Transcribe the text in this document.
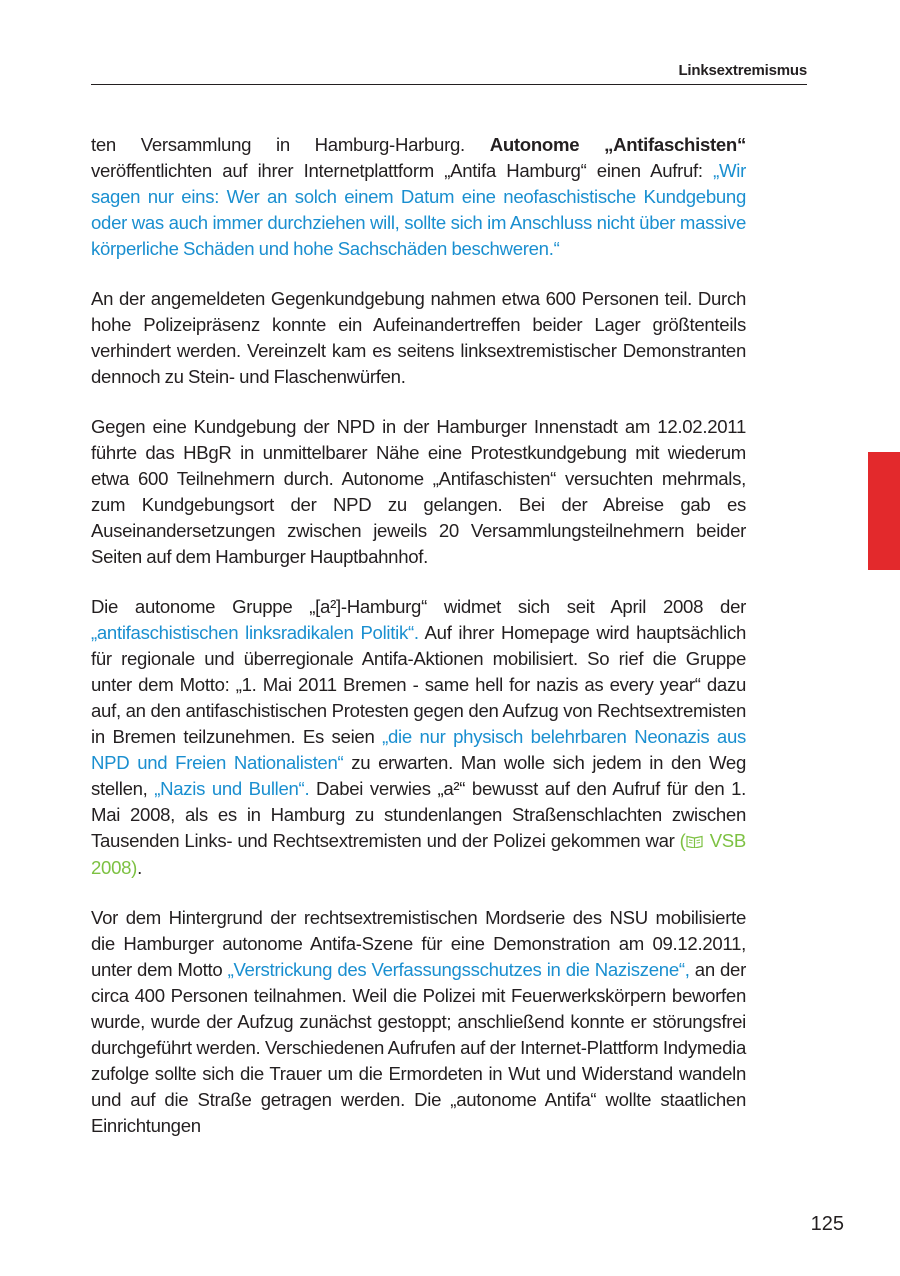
Linksextremismus

ten Versammlung in Hamburg-Harburg. Autonome „Antifaschisten“ veröffentlichten auf ihrer Internetplattform „Antifa Hamburg“ einen Aufruf: „Wir sagen nur eins: Wer an solch einem Datum eine neofaschistische Kundgebung oder was auch immer durchziehen will, sollte sich im Anschluss nicht über massive körperliche Schäden und hohe Sachschäden beschweren.“

An der angemeldeten Gegenkundgebung nahmen etwa 600 Personen teil. Durch hohe Polizeipräsenz konnte ein Aufeinandertreffen beider Lager größtenteils verhindert werden. Vereinzelt kam es seitens linksextremistischer Demonstranten dennoch zu Stein- und Flaschenwürfen.

Gegen eine Kundgebung der NPD in der Hamburger Innenstadt am 12.02.2011 führte das HBgR in unmittelbarer Nähe eine Protestkundgebung mit wiederum etwa 600 Teilnehmern durch. Autonome „Antifaschisten“ versuchten mehrmals, zum Kundgebungsort der NPD zu gelangen. Bei der Abreise gab es Auseinandersetzungen zwischen jeweils 20 Versammlungsteilnehmern beider Seiten auf dem Hamburger Hauptbahnhof.

Die autonome Gruppe „[a²]-Hamburg“ widmet sich seit April 2008 der „antifaschistischen linksradikalen Politik“. Auf ihrer Homepage wird hauptsächlich für regionale und überregionale Antifa-Aktionen mobilisiert. So rief die Gruppe unter dem Motto: „1. Mai 2011 Bremen - same hell for nazis as every year“ dazu auf, an den antifaschistischen Protesten gegen den Aufzug von Rechtsextremisten in Bremen teilzunehmen. Es seien „die nur physisch belehrbaren Neonazis aus NPD und Freien Nationalisten“ zu erwarten. Man wolle sich jedem in den Weg stellen, „Nazis und Bullen“. Dabei verwies „a²“ bewusst auf den Aufruf für den 1. Mai 2008, als es in Hamburg zu stundenlangen Straßenschlachten zwischen Tausenden Links- und Rechtsextremisten und der Polizei gekommen war ( VSB 2008).

Vor dem Hintergrund der rechtsextremistischen Mordserie des NSU mobilisierte die Hamburger autonome Antifa-Szene für eine Demonstration am 09.12.2011, unter dem Motto „Verstrickung des Verfassungsschutzes in die Naziszene“, an der circa 400 Personen teilnahmen. Weil die Polizei mit Feuerwerkskörpern beworfen wurde, wurde der Aufzug zunächst gestoppt; anschließend konnte er störungsfrei durchgeführt werden. Verschiedenen Aufrufen auf der Internet-Plattform Indymedia zufolge sollte sich die Trauer um die Ermordeten in Wut und Widerstand wandeln und auf die Straße getragen werden. Die „autonome Antifa“ wollte staatlichen Einrichtungen

125
